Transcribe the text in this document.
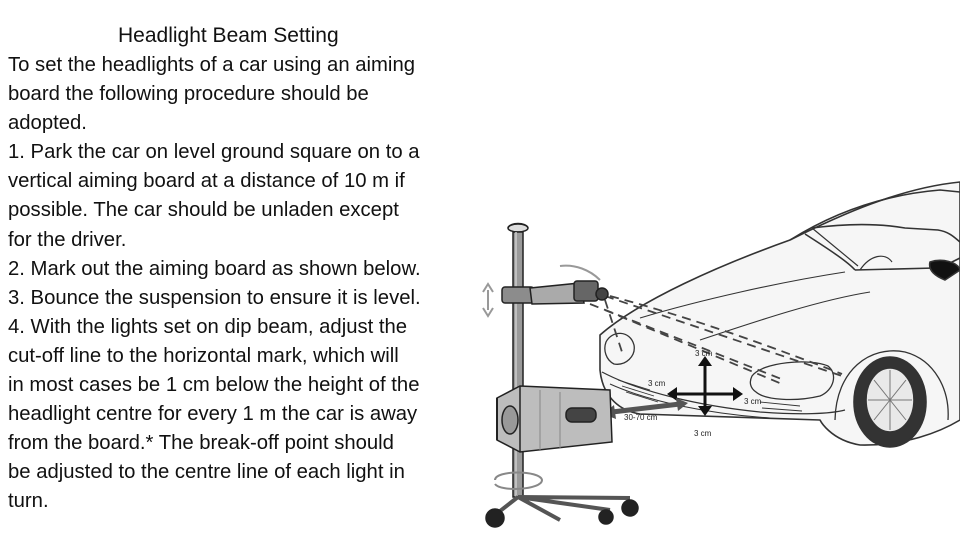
Headlight Beam Setting
To set the headlights of a car using an aiming
board the following procedure should be
adopted.
1. Park the car on level ground square on to a
vertical aiming board at a distance of 10 m if
possible. The car should be unladen except
for the driver.
2. Mark out the aiming board as shown below.
3. Bounce the suspension to ensure it is level.
4. With the lights set on dip beam, adjust the
cut-off line to the horizontal mark, which will
in most cases be 1 cm below the height of the
headlight centre for every 1 m the car is away
from the board.* The break-off point should
be adjusted to the centre line of each light in
turn.
3 cm
3 cm
3 cm
3 cm
30-70 cm
